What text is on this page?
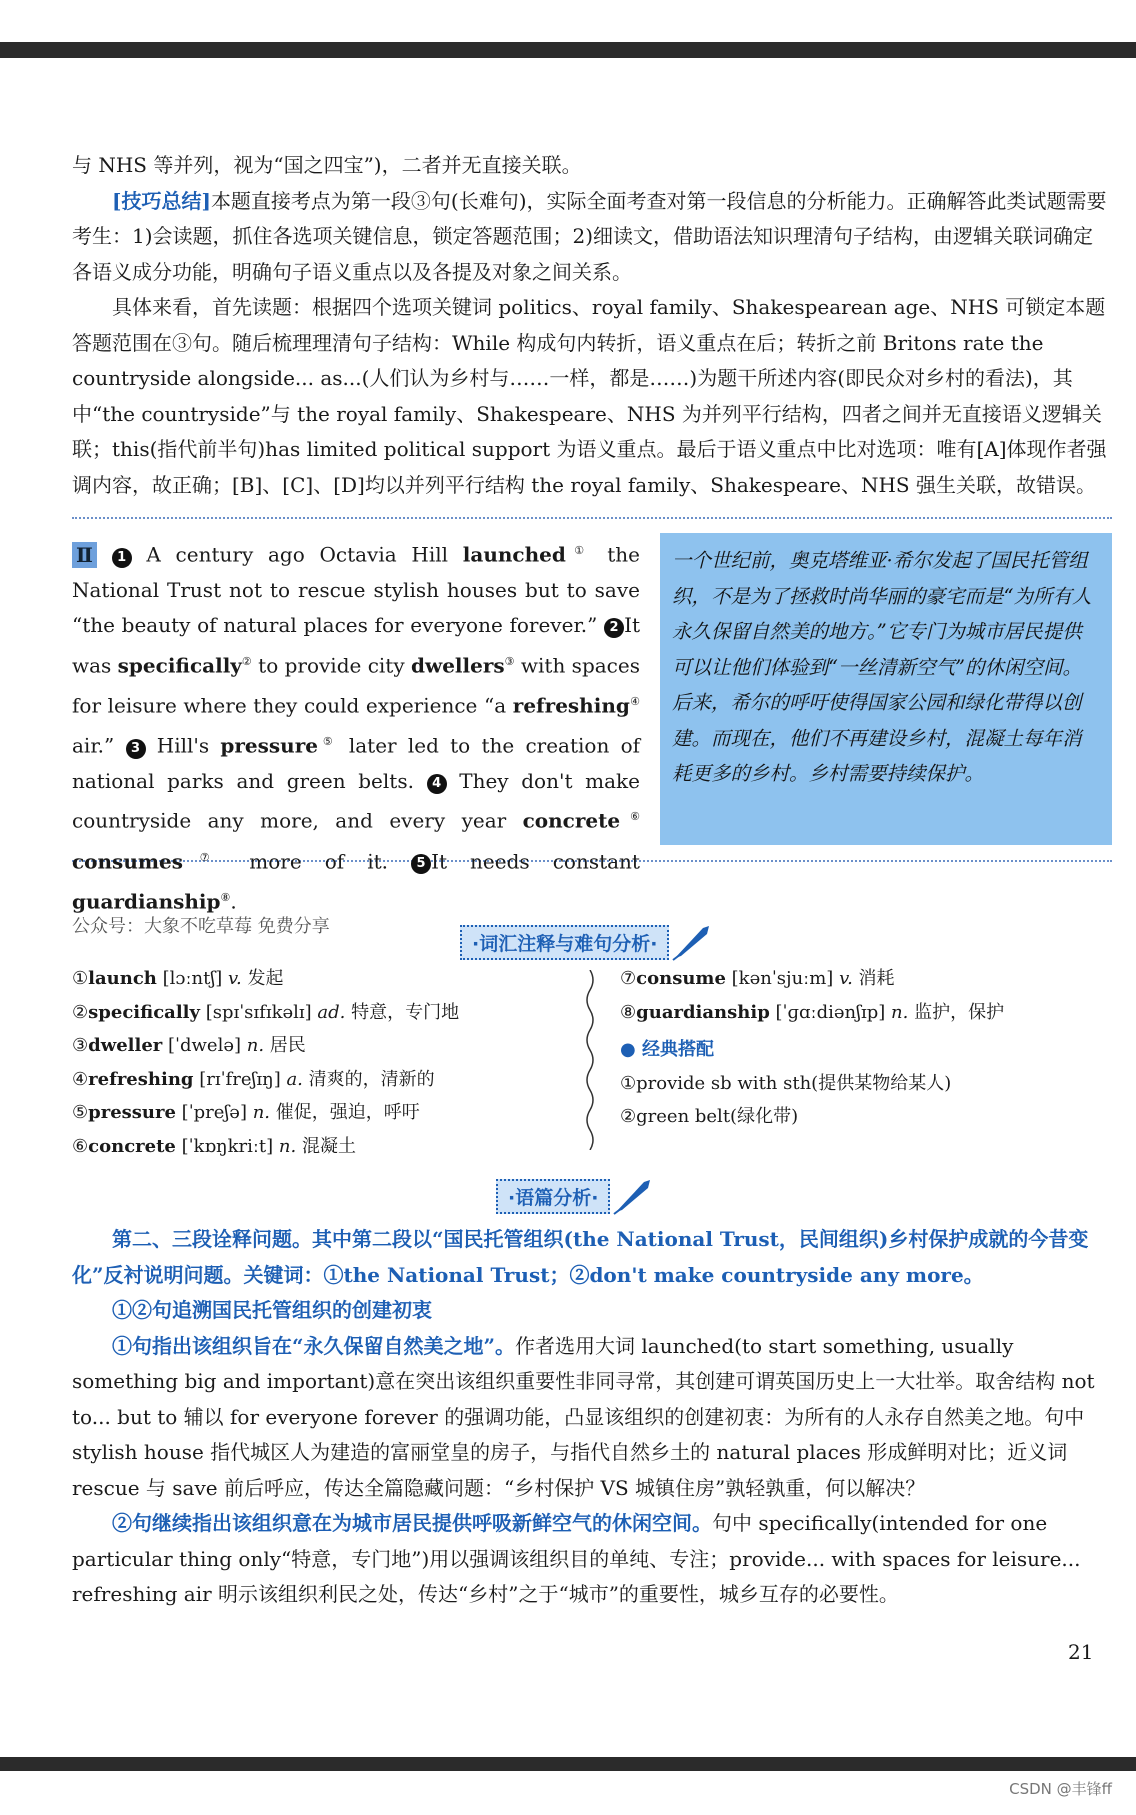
与 NHS 等并列，视为“国之四宝”)，二者并无直接关联。

[技巧总结]本题直接考点为第一段③句(长难句)，实际全面考查对第一段信息的分析能力。正确解答此类试题需要考生：1)会读题，抓住各选项关键信息，锁定答题范围；2)细读文，借助语法知识理清句子结构，由逻辑关联词确定各语义成分功能，明确句子语义重点以及各提及对象之间关系。

具体来看，首先读题：根据四个选项关键词 politics、royal family、Shakespearean age、NHS 可锁定本题答题范围在③句。随后梳理理清句子结构：While 构成句内转折，语义重点在后；转折之前 Britons rate the countryside alongside... as...(人们认为乡村与……一样，都是……)为题干所述内容(即民众对乡村的看法)，其中“the countryside”与 the royal family、Shakespeare、NHS 为并列平行结构，四者之间并无直接语义逻辑关联；this(指代前半句)has limited political support 为语义重点。最后于语义重点中比对选项：唯有[A]体现作者强调内容，故正确；[B]、[C]、[D]均以并列平行结构 the royal family、Shakespeare、NHS 强生关联，故错误。

Ⅱ 1 A century ago Octavia Hill launched① the National Trust not to rescue stylish houses but to save “the beauty of natural places for everyone forever.” 2 It was specifically② to provide city dwellers③ with spaces for leisure where they could experience “a refreshing④ air.” 3 Hill's pressure⑤ later led to the creation of national parks and green belts. 4 They don't make countryside any more, and every year concrete⑥ consumes⑦ more of it. 5 It needs constant guardianship⑧.
一个世纪前，奥克塔维亚·希尔发起了国民托管组织，不是为了拯救时尚华丽的豪宅而是“为所有人永久保留自然美的地方。”它专门为城市居民提供可以让他们体验到“一丝清新空气”的休闲空间。后来，希尔的呼吁使得国家公园和绿化带得以创建。而现在，他们不再建设乡村，混凝土每年消耗更多的乡村。乡村需要持续保护。
公众号：大象不吃草莓 免费分享
·词汇注释与难句分析·
①launch [lɔːntʃ] v. 发起
②specifically [spɪˈsɪfɪkəlɪ] ad. 特意，专门地
③dweller [ˈdwelə] n. 居民
④refreshing [rɪˈfreʃɪŋ] a. 清爽的，清新的
⑤pressure [ˈpreʃə] n. 催促，强迫，呼吁
⑥concrete [ˈkɒŋkriːt] n. 混凝土
⑦consume [kənˈsjuːm] v. 消耗
⑧guardianship [ˈɡɑːdiənʃɪp] n. 监护，保护
● 经典搭配
①provide sb with sth(提供某物给某人)
②green belt(绿化带)
·语篇分析·

第二、三段诠释问题。其中第二段以“国民托管组织(the National Trust，民间组织)乡村保护成就的今昔变化”反衬说明问题。关键词：①the National Trust；②don't make countryside any more。

①②句追溯国民托管组织的创建初衷

①句指出该组织旨在“永久保留自然美之地”。作者选用大词 launched(to start something, usually something big and important)意在突出该组织重要性非同寻常，其创建可谓英国历史上一大壮举。取舍结构 not to... but to 辅以 for everyone forever 的强调功能，凸显该组织的创建初衷：为所有的人永存自然美之地。句中 stylish house 指代城区人为建造的富丽堂皇的房子，与指代自然乡土的 natural places 形成鲜明对比；近义词 rescue 与 save 前后呼应，传达全篇隐藏问题：“乡村保护 VS 城镇住房”孰轻孰重，何以解决？

②句继续指出该组织意在为城市居民提供呼吸新鲜空气的休闲空间。句中 specifically(intended for one particular thing only“特意，专门地”)用以强调该组织目的单纯、专注；provide... with spaces for leisure... refreshing air 明示该组织利民之处，传达“乡村”之于“城市”的重要性，城乡互存的必要性。

21
CSDN @丰锋ff
